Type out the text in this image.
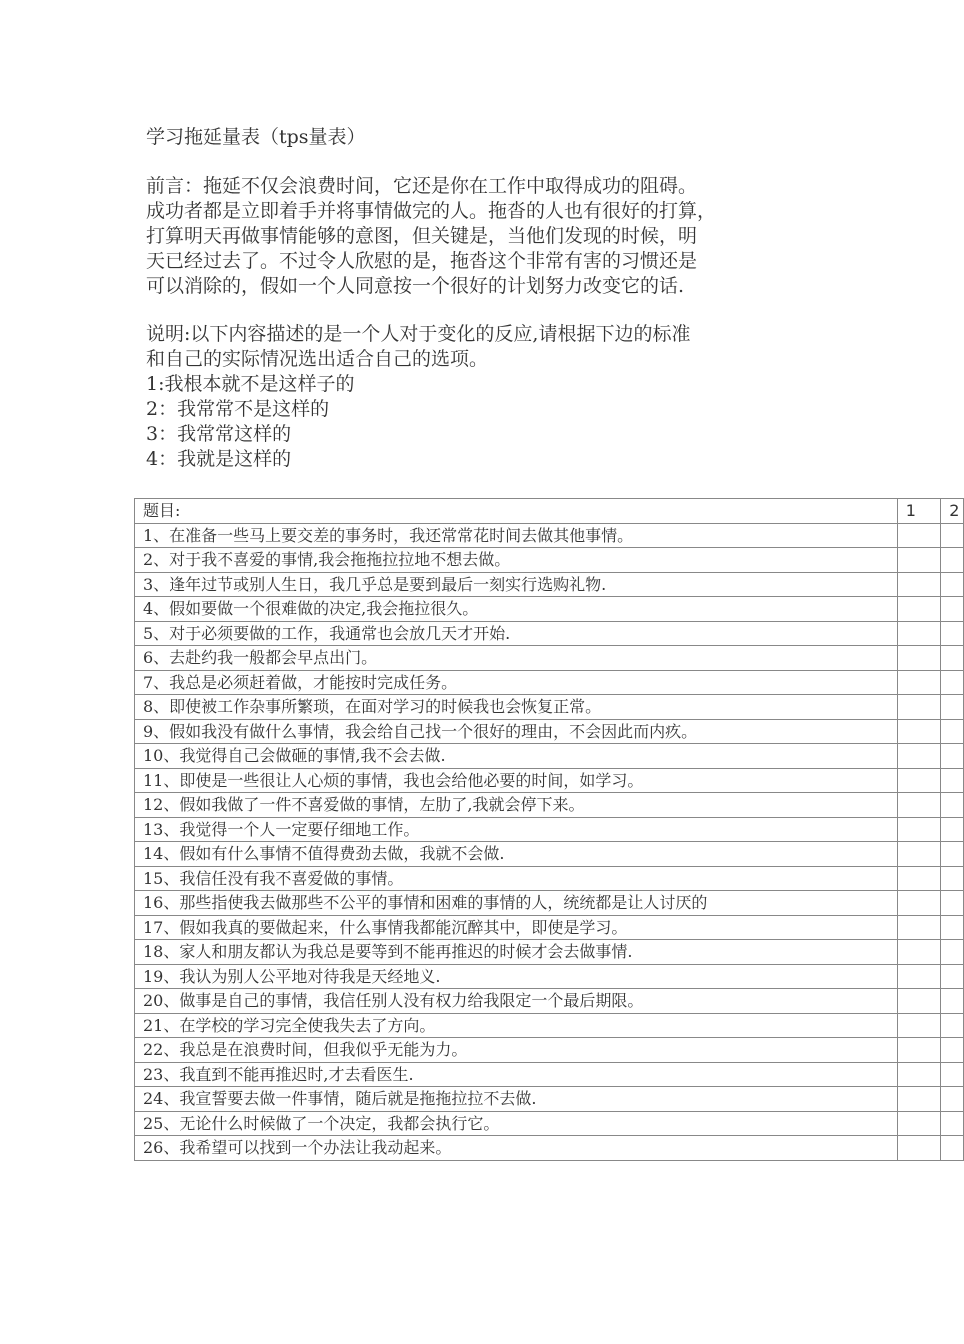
学习拖延量表（tps量表）
前言：拖延不仅会浪费时间，它还是你在工作中取得成功的阻碍。
成功者都是立即着手并将事情做完的人。拖沓的人也有很好的打算，
打算明天再做事情能够的意图，但关键是，当他们发现的时候，明
天已经过去了。不过令人欣慰的是，拖沓这个非常有害的习惯还是
可以消除的，假如一个人同意按一个很好的计划努力改变它的话.
说明:以下内容描述的是一个人对于变化的反应,请根据下边的标准
和自己的实际情况选出适合自己的选项。
1:我根本就不是这样子的
2：我常常不是这样的
3：我常常这样的
4：我就是这样的
题目:	1	2
1、在准备一些马上要交差的事务时，我还常常花时间去做其他事情。		
2、对于我不喜爱的事情,我会拖拖拉拉地不想去做。		
3、逢年过节或别人生日，我几乎总是要到最后一刻实行选购礼物.		
4、假如要做一个很难做的决定,我会拖拉很久。		
5、对于必须要做的工作，我通常也会放几天才开始.		
6、去赴约我一般都会早点出门。		
7、我总是必须赶着做，才能按时完成任务。		
8、即使被工作杂事所繁琐，在面对学习的时候我也会恢复正常。		
9、假如我没有做什么事情，我会给自己找一个很好的理由，不会因此而内疚。		
10、我觉得自己会做砸的事情,我不会去做.		
11、即使是一些很让人心烦的事情，我也会给他必要的时间，如学习。		
12、假如我做了一件不喜爱做的事情，左肋了,我就会停下来。		
13、我觉得一个人一定要仔细地工作。		
14、假如有什么事情不值得费劲去做，我就不会做.		
15、我信任没有我不喜爱做的事情。		
16、那些指使我去做那些不公平的事情和困难的事情的人，统统都是让人讨厌的		
17、假如我真的要做起来，什么事情我都能沉醉其中，即使是学习。		
18、家人和朋友都认为我总是要等到不能再推迟的时候才会去做事情.		
19、我认为别人公平地对待我是天经地义.		
20、做事是自己的事情，我信任别人没有权力给我限定一个最后期限。		
21、在学校的学习完全使我失去了方向。		
22、我总是在浪费时间，但我似乎无能为力。		
23、我直到不能再推迟时,才去看医生.		
24、我宣誓要去做一件事情，随后就是拖拖拉拉不去做.		
25、无论什么时候做了一个决定，我都会执行它。		
26、我希望可以找到一个办法让我动起来。		
